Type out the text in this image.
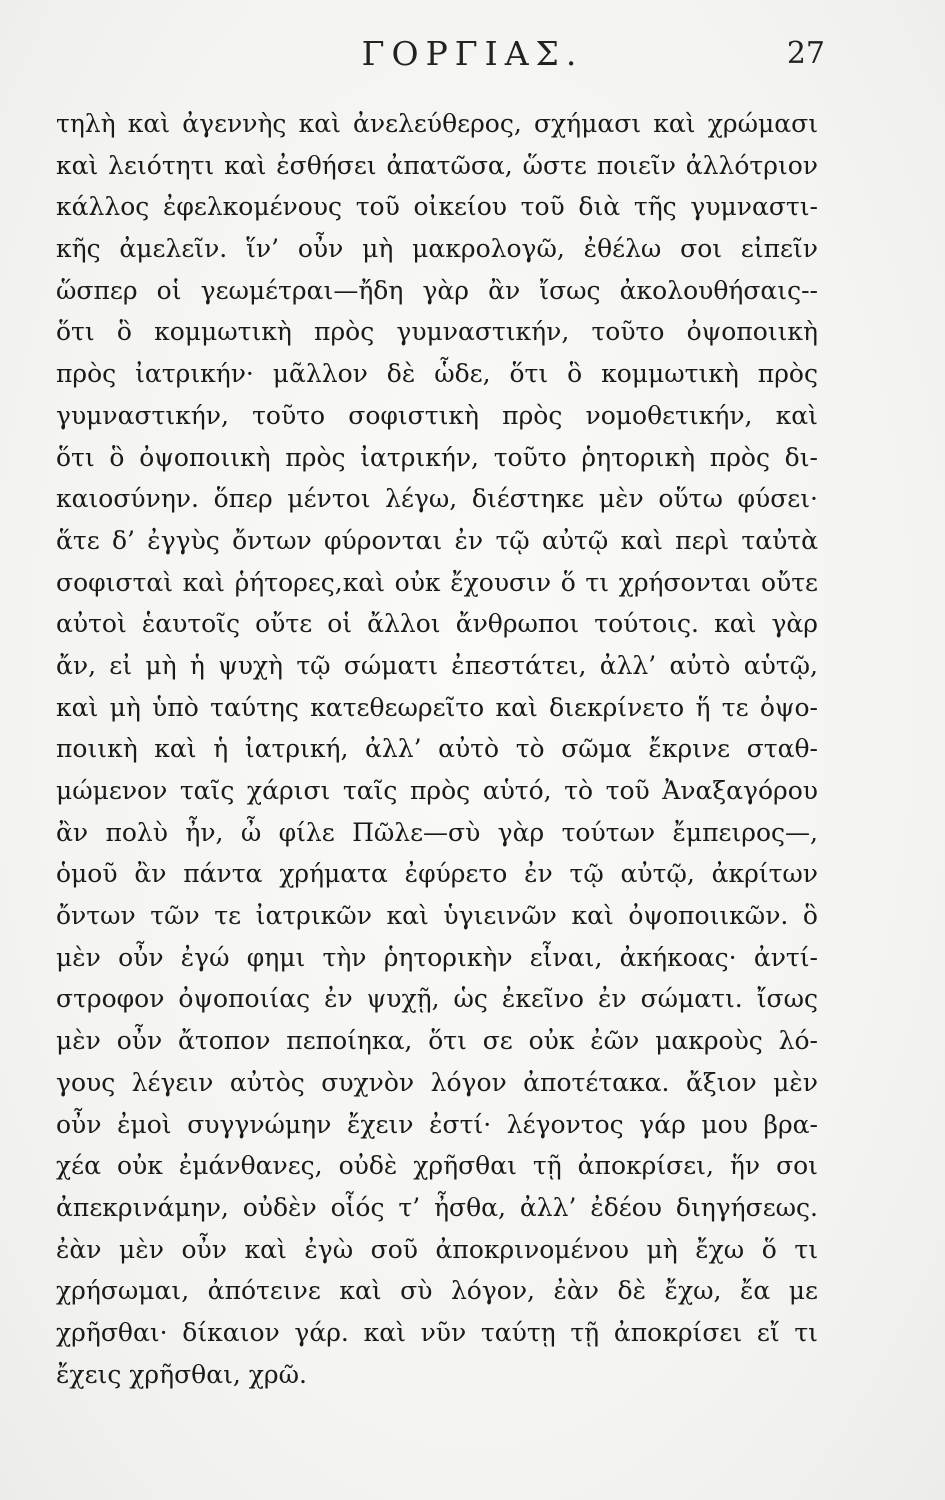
ΓΟΡΓΙΑΣ.	27
τηλὴ καὶ ἀγεννὴς καὶ ἀνελεύθερος, σχήμασι καὶ χρώμασι
καὶ λειότητι καὶ ἐσθήσει ἀπατῶσα, ὥστε ποιεῖν ἀλλότριον
κάλλος ἐφελκομένους τοῦ οἰκείου τοῦ διὰ τῆς γυμναστι-
κῆς ἀμελεῖν. ἵν’ οὖν μὴ μακρολογῶ, ἐθέλω σοι εἰπεῖν
ὥσπερ οἱ γεωμέτραι—ἤδη γὰρ ἂν ἴσως ἀκολουθήσαις--
ὅτι ὃ κομμωτικὴ πρὸς γυμναστικήν, τοῦτο ὀψοποιικὴ
πρὸς ἰατρικήν· μᾶλλον δὲ ὧδε, ὅτι ὃ κομμωτικὴ πρὸς
γυμναστικήν, τοῦτο σοφιστικὴ πρὸς νομοθετικήν, καὶ
ὅτι ὃ ὀψοποιικὴ πρὸς ἰατρικήν, τοῦτο ῥητορικὴ πρὸς δι-
καιοσύνην. ὅπερ μέντοι λέγω, διέστηκε μὲν οὕτω φύσει·
ἅτε δ’ ἐγγὺς ὄντων φύρονται ἐν τῷ αὐτῷ καὶ περὶ ταὐτὰ
σοφισταὶ καὶ ῥήτορες,καὶ οὐκ ἔχουσιν ὅ τι χρήσονται οὔτε
αὐτοὶ ἑαυτοῖς οὔτε οἱ ἄλλοι ἄνθρωποι τούτοις. καὶ γὰρ
ἄν, εἰ μὴ ἡ ψυχὴ τῷ σώματι ἐπεστάτει, ἀλλ’ αὐτὸ αὑτῷ,
καὶ μὴ ὑπὸ ταύτης κατεθεωρεῖτο καὶ διεκρίνετο ἥ τε ὀψο-
ποιικὴ καὶ ἡ ἰατρική, ἀλλ’ αὐτὸ τὸ σῶμα ἔκρινε σταθ-
μώμενον ταῖς χάρισι ταῖς πρὸς αὑτό, τὸ τοῦ Ἀναξαγόρου
ἂν πολὺ ἦν, ὦ φίλε Πῶλε—σὺ γὰρ τούτων ἔμπειρος—,
ὁμοῦ ἂν πάντα χρήματα ἐφύρετο ἐν τῷ αὐτῷ, ἀκρίτων
ὄντων τῶν τε ἰατρικῶν καὶ ὑγιεινῶν καὶ ὀψοποιικῶν. ὃ
μὲν οὖν ἐγώ φημι τὴν ῥητορικὴν εἶναι, ἀκήκοας· ἀντί-
στροφον ὀψοποιίας ἐν ψυχῇ, ὡς ἐκεῖνο ἐν σώματι. ἴσως
μὲν οὖν ἄτοπον πεποίηκα, ὅτι σε οὐκ ἐῶν μακροὺς λό-
γους λέγειν αὐτὸς συχνὸν λόγον ἀποτέτακα. ἄξιον μὲν
οὖν ἐμοὶ συγγνώμην ἔχειν ἐστί· λέγοντος γάρ μου βρα-
χέα οὐκ ἐμάνθανες, οὐδὲ χρῆσθαι τῇ ἀποκρίσει, ἥν σοι
ἀπεκρινάμην, οὐδὲν οἷός τ’ ἦσθα, ἀλλ’ ἐδέου διηγήσεως.
ἐὰν μὲν οὖν καὶ ἐγὼ σοῦ ἀποκρινομένου μὴ ἔχω ὅ τι
χρήσωμαι, ἀπότεινε καὶ σὺ λόγον, ἐὰν δὲ ἔχω, ἔα με
χρῆσθαι· δίκαιον γάρ. καὶ νῦν ταύτῃ τῇ ἀποκρίσει εἴ τι
ἔχεις χρῆσθαι, χρῶ.
